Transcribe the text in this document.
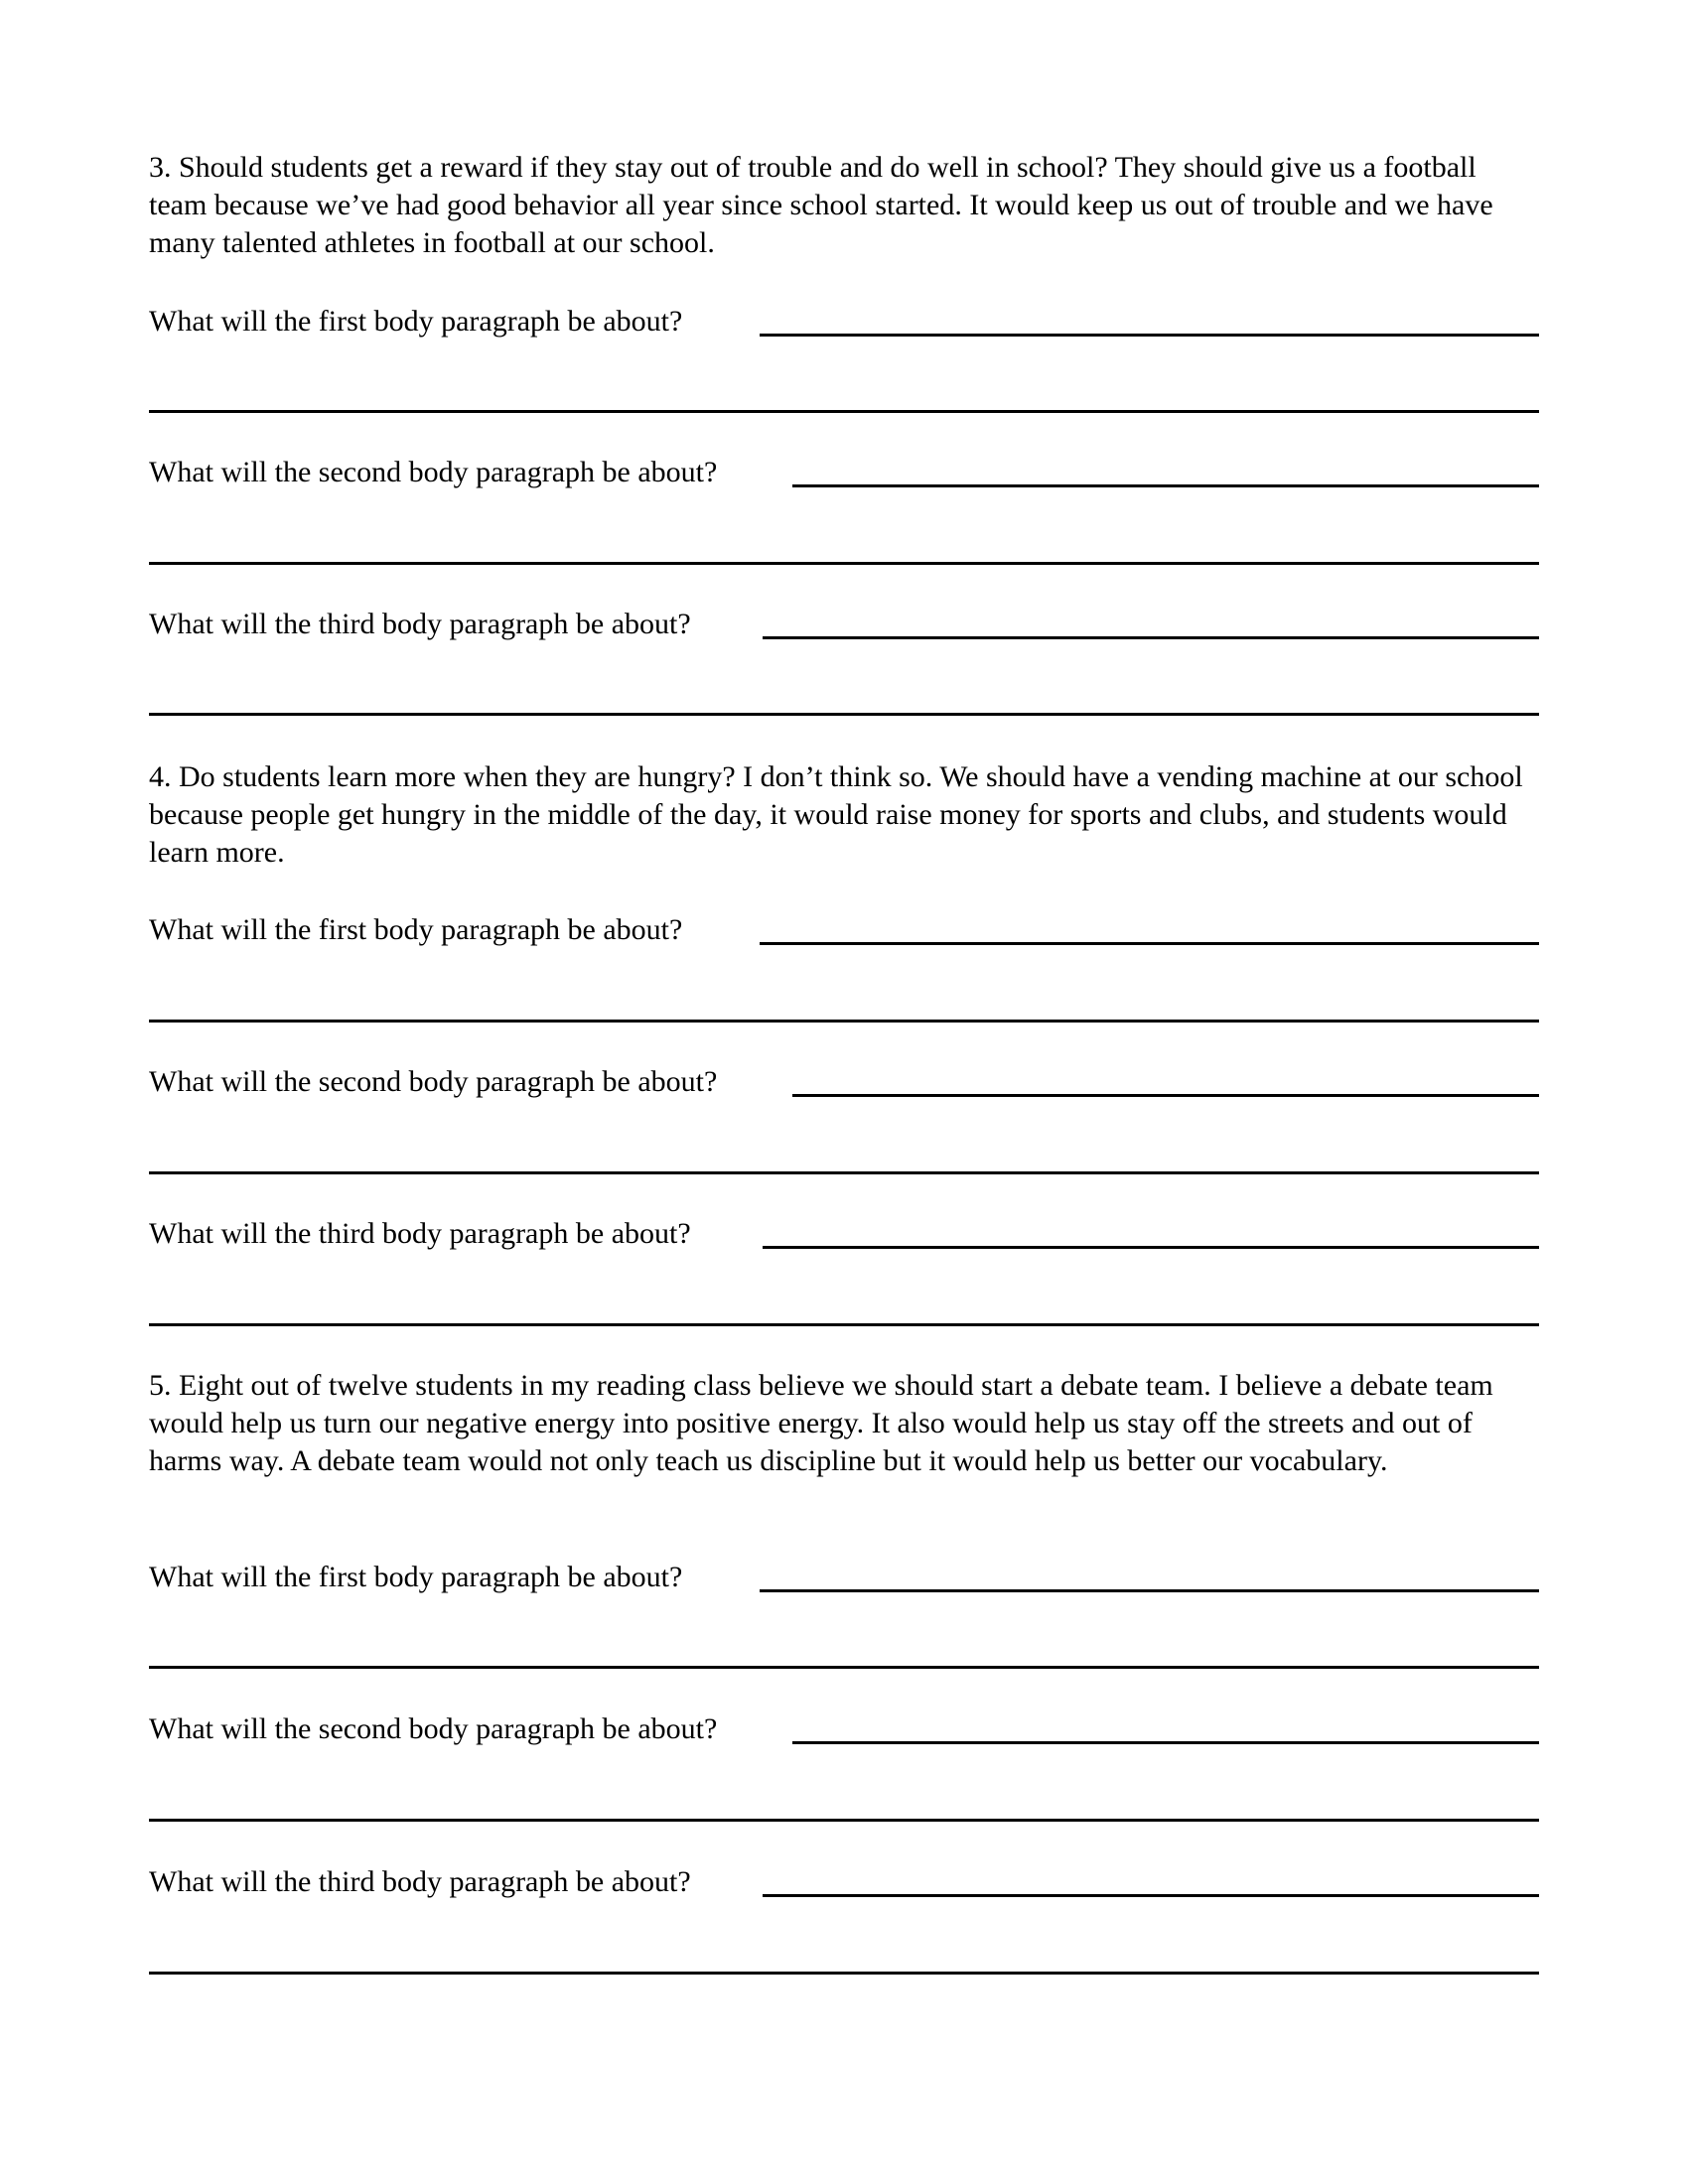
3. Should students get a reward if they stay out of trouble and do well in school? They should give us a football team because we’ve had good behavior all year since school started. It would keep us out of trouble and we have many talented athletes in football at our school.

What will the first body paragraph be about?
What will the second body paragraph be about?
What will the third body paragraph be about?

4. Do students learn more when they are hungry? I don’t think so. We should have a vending machine at our school because people get hungry in the middle of the day, it would raise money for sports and clubs, and students would learn more.

What will the first body paragraph be about?
What will the second body paragraph be about?
What will the third body paragraph be about?

5. Eight out of twelve students in my reading class believe we should start a debate team. I believe a debate team would help us turn our negative energy into positive energy. It also would help us stay off the streets and out of harms way. A debate team would not only teach us discipline but it would help us better our vocabulary.

What will the first body paragraph be about?
What will the second body paragraph be about?
What will the third body paragraph be about?
